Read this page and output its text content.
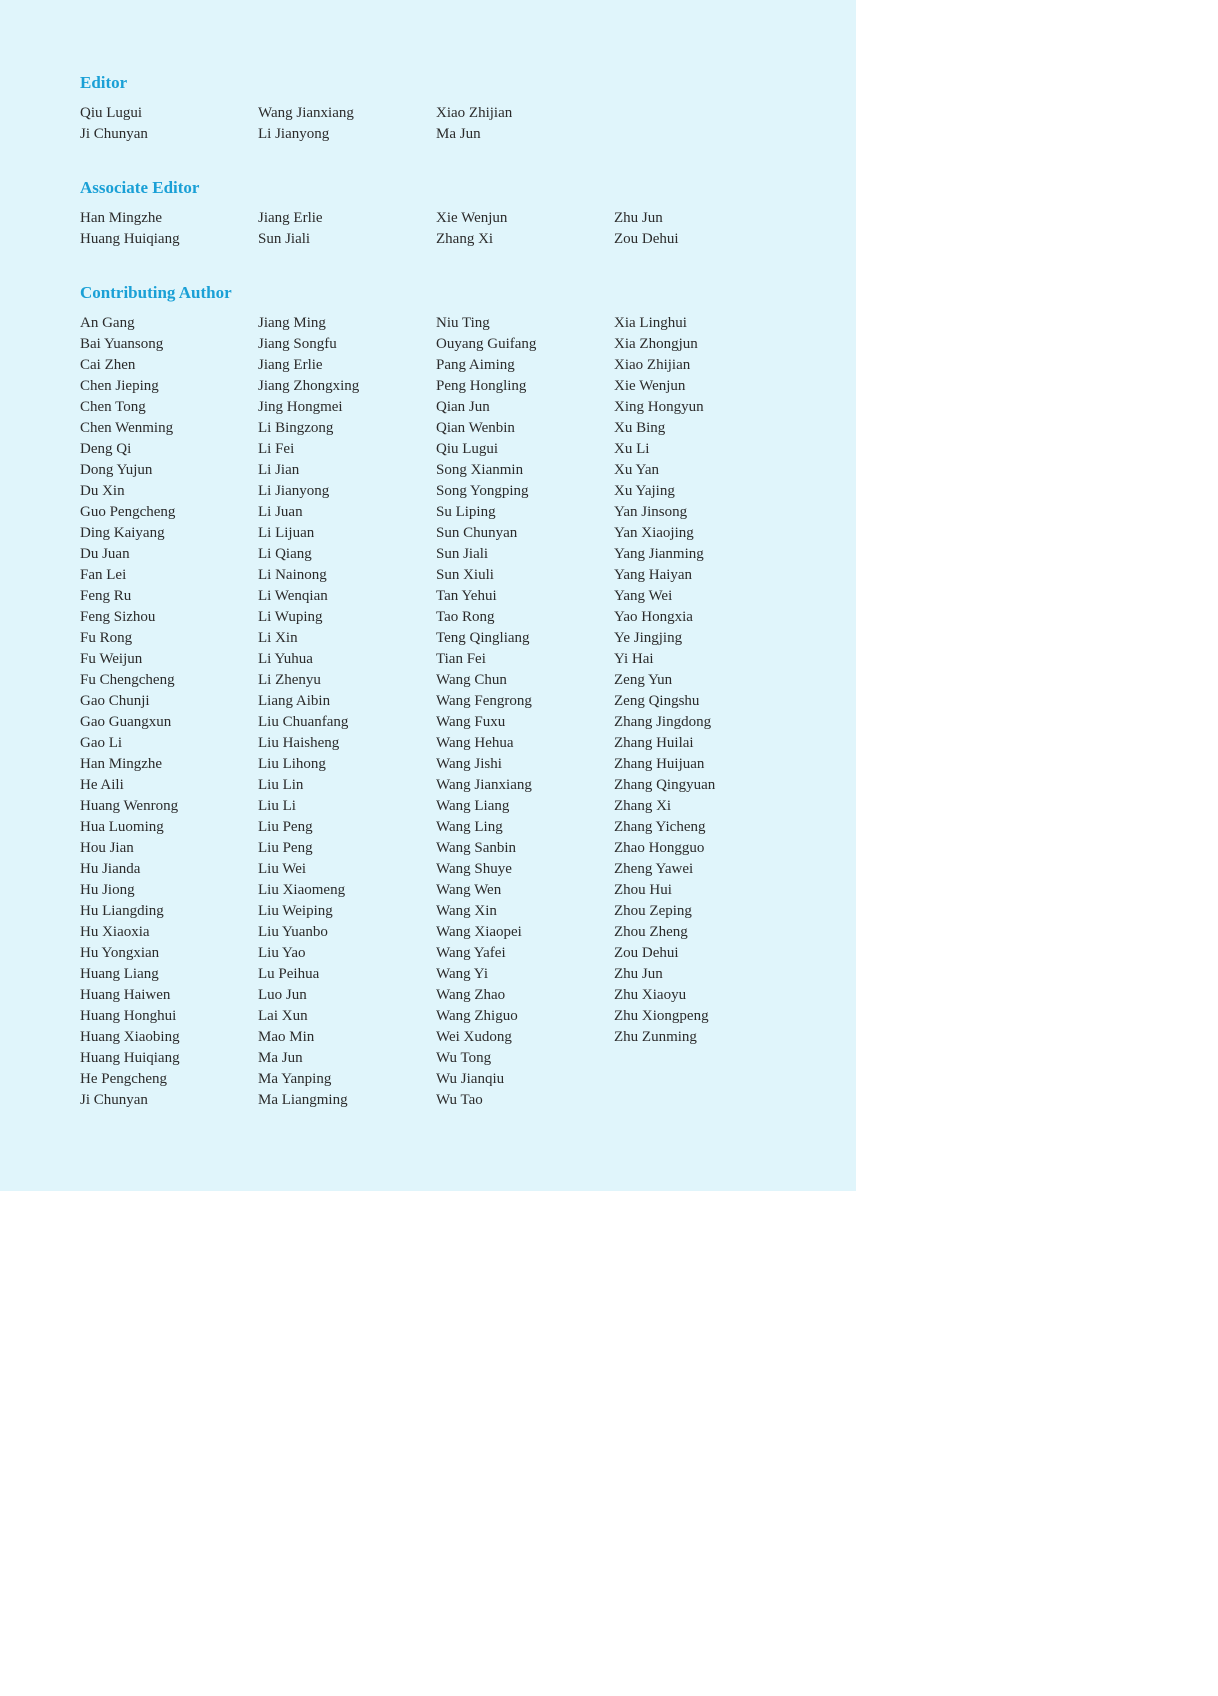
Editor
Qiu Lugui
Ji Chunyan
Wang Jianxiang
Li Jianyong
Xiao Zhijian
Ma Jun
Associate Editor
Han Mingzhe
Huang Huiqiang
Jiang Erlie
Sun Jiali
Xie Wenjun
Zhang Xi
Zhu Jun
Zou Dehui
Contributing Author
An Gang
Bai Yuansong
Cai Zhen
Chen Jieping
Chen Tong
Chen Wenming
Deng Qi
Dong Yujun
Du Xin
Guo Pengcheng
Ding Kaiyang
Du Juan
Fan Lei
Feng Ru
Feng Sizhou
Fu Rong
Fu Weijun
Fu Chengcheng
Gao Chunji
Gao Guangxun
Gao Li
Han Mingzhe
He Aili
Huang Wenrong
Hua Luoming
Hou Jian
Hu Jianda
Hu Jiong
Hu Liangding
Hu Xiaoxia
Hu Yongxian
Huang Liang
Huang Haiwen
Huang Honghui
Huang Xiaobing
Huang Huiqiang
He Pengcheng
Ji Chunyan
Jiang Ming
Jiang Songfu
Jiang Erlie
Jiang Zhongxing
Jing Hongmei
Li Bingzong
Li Fei
Li Jian
Li Jianyong
Li Juan
Li Lijuan
Li Qiang
Li Nainong
Li Wenqian
Li Wuping
Li Xin
Li Yuhua
Li Zhenyu
Liang Aibin
Liu Chuanfang
Liu Haisheng
Liu Lihong
Liu Lin
Liu Li
Liu Peng
Liu Peng
Liu Wei
Liu Xiaomeng
Liu Weiping
Liu Yuanbo
Liu Yao
Lu Peihua
Luo Jun
Lai Xun
Mao Min
Ma Jun
Ma Yanping
Ma Liangming
Niu Ting
Ouyang Guifang
Pang Aiming
Peng Hongling
Qian Jun
Qian Wenbin
Qiu Lugui
Song Xianmin
Song Yongping
Su Liping
Sun Chunyan
Sun Jiali
Sun Xiuli
Tan Yehui
Tao Rong
Teng Qingliang
Tian Fei
Wang Chun
Wang Fengrong
Wang Fuxu
Wang Hehua
Wang Jishi
Wang Jianxiang
Wang Liang
Wang Ling
Wang Sanbin
Wang Shuye
Wang Wen
Wang Xin
Wang Xiaopei
Wang Yafei
Wang Yi
Wang Zhao
Wang Zhiguo
Wei Xudong
Wu Tong
Wu Jianqiu
Wu Tao
Xia Linghui
Xia Zhongjun
Xiao Zhijian
Xie Wenjun
Xing Hongyun
Xu Bing
Xu Li
Xu Yan
Xu Yajing
Yan Jinsong
Yan Xiaojing
Yang Jianming
Yang Haiyan
Yang Wei
Yao Hongxia
Ye Jingjing
Yi Hai
Zeng Yun
Zeng Qingshu
Zhang Jingdong
Zhang Huilai
Zhang Huijuan
Zhang Qingyuan
Zhang Xi
Zhang Yicheng
Zhao Hongguo
Zheng Yawei
Zhou Hui
Zhou Zeping
Zhou Zheng
Zou Dehui
Zhu Jun
Zhu Xiaoyu
Zhu Xiongpeng
Zhu Zunming
